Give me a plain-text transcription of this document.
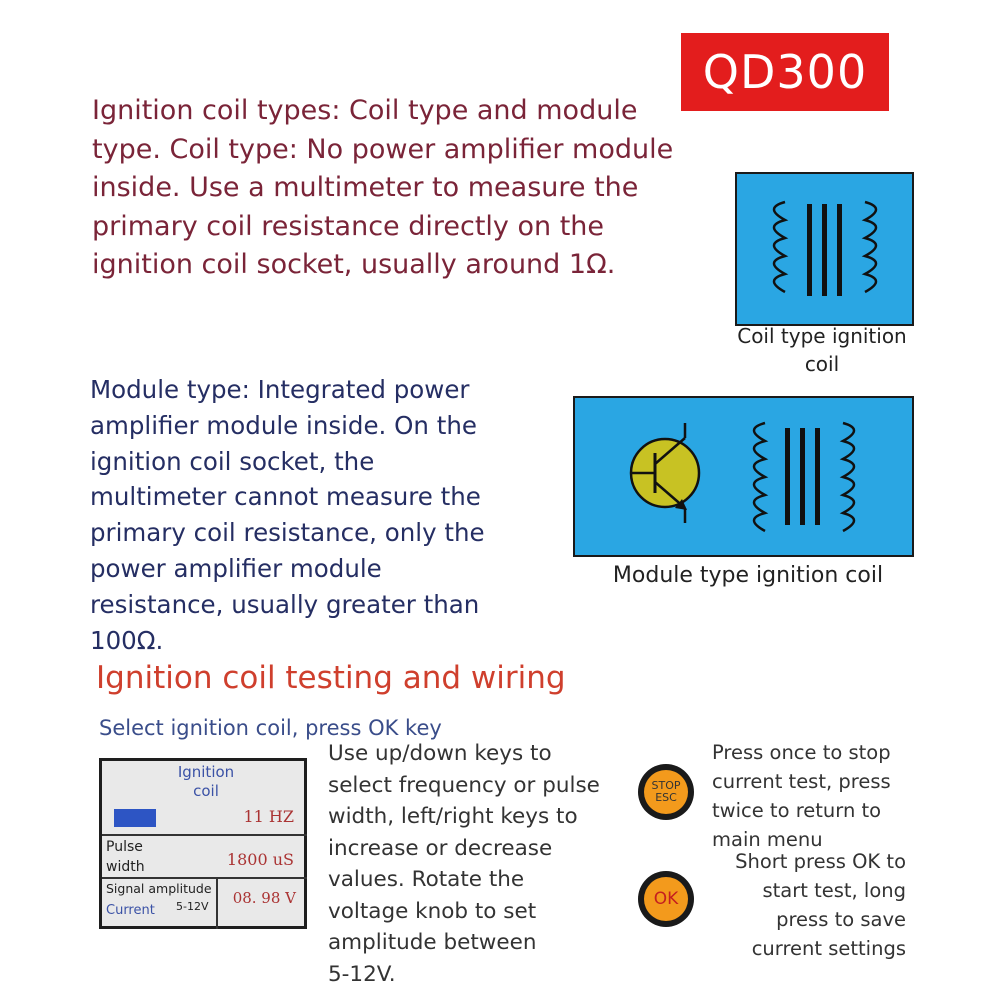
QD300
Ignition coil types: Coil type and module
type. Coil type: No power amplifier module
inside. Use a multimeter to measure the
primary coil resistance directly on the
ignition coil socket, usually around 1Ω.
Coil type ignition
coil
Module type: Integrated power
amplifier module inside. On the
ignition coil socket, the
multimeter cannot measure the
primary coil resistance, only the
power amplifier module
resistance, usually greater than
100Ω.
Module type ignition coil
Ignition coil testing and wiring
Select ignition coil, press OK key
Ignition
coil
11 HZ
Pulse
width	1800 uS
Signal amplitude
Current 5-12V	08. 98 V
Use up/down keys to
select frequency or pulse
width, left/right keys to
increase or decrease
values. Rotate the
voltage knob to set
amplitude between
5-12V.
STOP
ESC
Press once to stop
current test, press
twice to return to
main menu
OK
Short press OK to
start test, long
press to save
current settings
